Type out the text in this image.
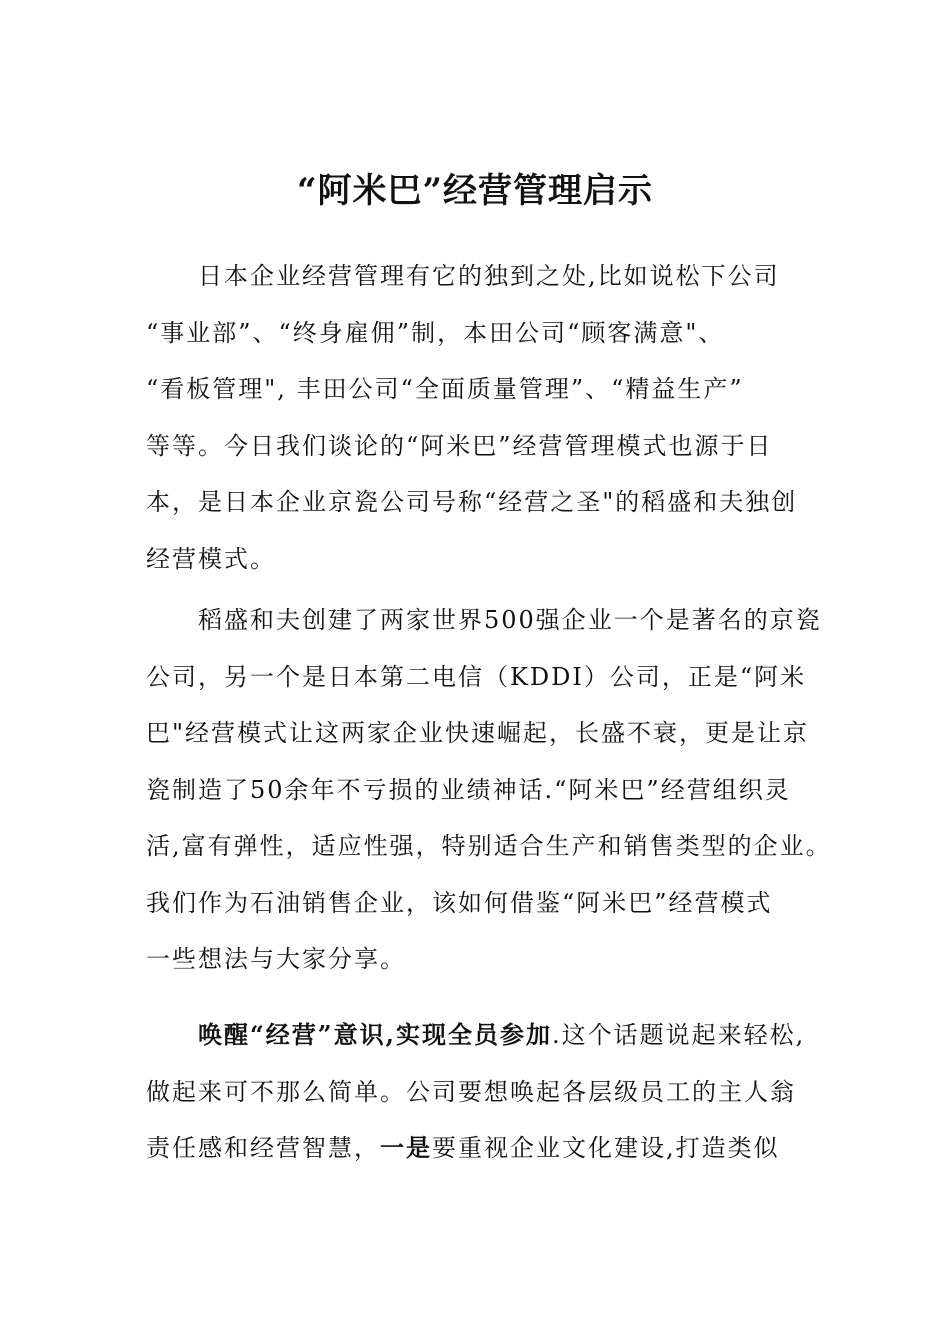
“阿米巴”经营管理启示

日本企业经营管理有它的独到之处,比如说松下公司
“事业部”、“终身雇佣”制，本田公司“顾客满意"、
“看板管理", 丰田公司“全面质量管理”、“精益生产”
等等。今日我们谈论的“阿米巴”经营管理模式也源于日
本，是日本企业京瓷公司号称“经营之圣"的稻盛和夫独创
经营模式。

稻盛和夫创建了两家世界500强企业一个是著名的京瓷
公司，另一个是日本第二电信（KDDI）公司，正是“阿米
巴"经营模式让这两家企业快速崛起，长盛不衰，更是让京
瓷制造了50余年不亏损的业绩神话.“阿米巴”经营组织灵
活,富有弹性，适应性强，特别适合生产和销售类型的企业。
我们作为石油销售企业，该如何借鉴“阿米巴”经营模式
一些想法与大家分享。

唤醒“经营”意识,实现全员参加.这个话题说起来轻松,
做起来可不那么简单。公司要想唤起各层级员工的主人翁
责任感和经营智慧，一是要重视企业文化建设,打造类似
